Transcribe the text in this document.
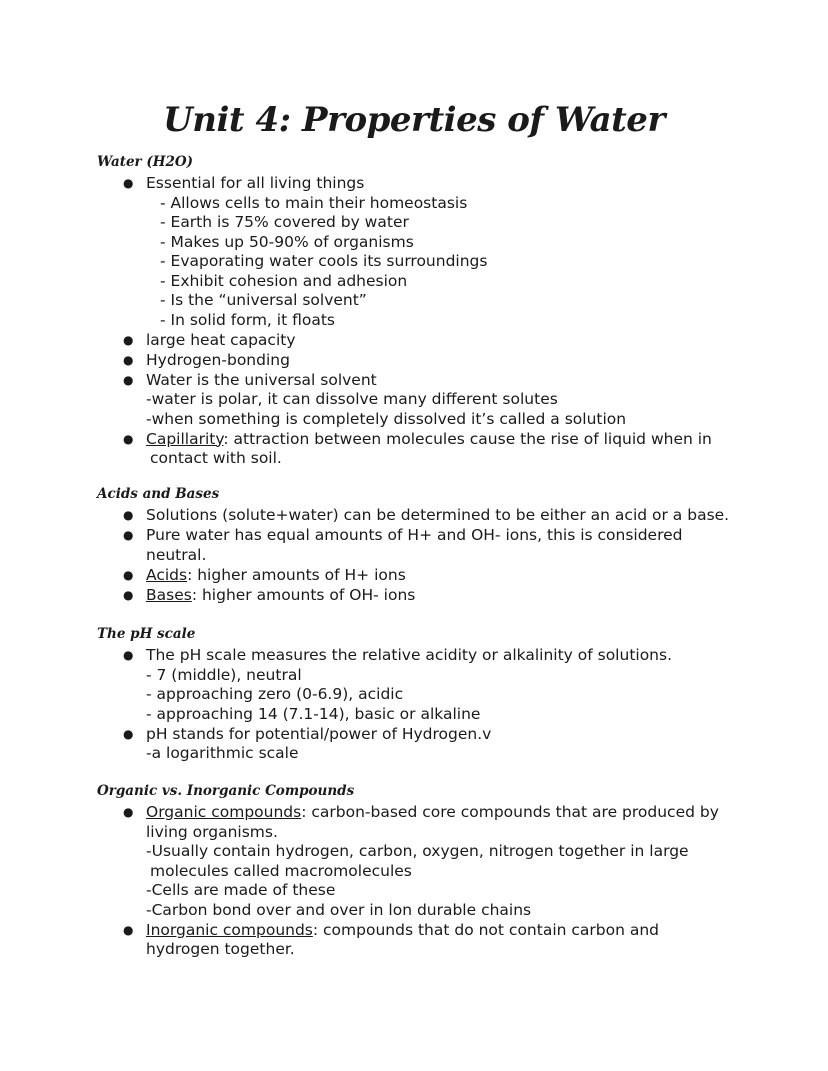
Unit 4: Properties of Water
Water (H2O)
● Essential for all living things
- Allows cells to main their homeostasis
- Earth is 75% covered by water
- Makes up 50-90% of organisms
- Evaporating water cools its surroundings
- Exhibit cohesion and adhesion
- Is the “universal solvent”
- In solid form, it floats
● large heat capacity
● Hydrogen-bonding
● Water is the universal solvent
-water is polar, it can dissolve many different solutes
-when something is completely dissolved it’s called a solution
● Capillarity: attraction between molecules cause the rise of liquid when in
contact with soil.
Acids and Bases
● Solutions (solute+water) can be determined to be either an acid or a base.
● Pure water has equal amounts of H+ and OH- ions, this is considered
neutral.
● Acids: higher amounts of H+ ions
● Bases: higher amounts of OH- ions
The pH scale
● The pH scale measures the relative acidity or alkalinity of solutions.
- 7 (middle), neutral
- approaching zero (0-6.9), acidic
- approaching 14 (7.1-14), basic or alkaline
● pH stands for potential/power of Hydrogen.v
-a logarithmic scale
Organic vs. Inorganic Compounds
● Organic compounds: carbon-based core compounds that are produced by
living organisms.
-Usually contain hydrogen, carbon, oxygen, nitrogen together in large
molecules called macromolecules
-Cells are made of these
-Carbon bond over and over in lon durable chains
● Inorganic compounds: compounds that do not contain carbon and
hydrogen together.
